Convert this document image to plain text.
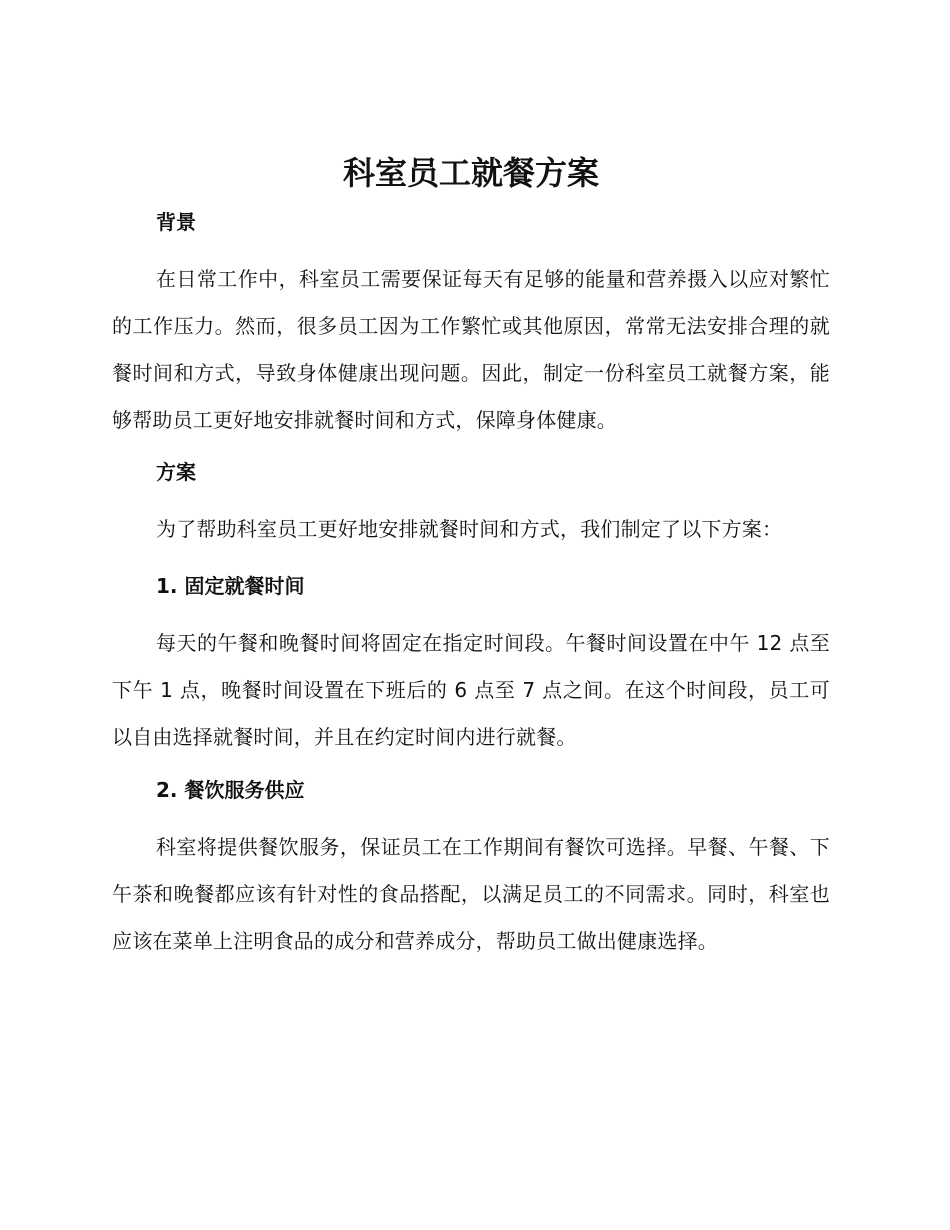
科室员工就餐方案
背景

在日常工作中，科室员工需要保证每天有足够的能量和营养摄入以应对繁忙的工作压力。然而，很多员工因为工作繁忙或其他原因，常常无法安排合理的就餐时间和方式，导致身体健康出现问题。因此，制定一份科室员工就餐方案，能够帮助员工更好地安排就餐时间和方式，保障身体健康。

方案

为了帮助科室员工更好地安排就餐时间和方式，我们制定了以下方案：

1. 固定就餐时间

每天的午餐和晚餐时间将固定在指定时间段。午餐时间设置在中午 12 点至下午 1 点，晚餐时间设置在下班后的 6 点至 7 点之间。在这个时间段，员工可以自由选择就餐时间，并且在约定时间内进行就餐。

2. 餐饮服务供应

科室将提供餐饮服务，保证员工在工作期间有餐饮可选择。早餐、午餐、下午茶和晚餐都应该有针对性的食品搭配，以满足员工的不同需求。同时，科室也应该在菜单上注明食品的成分和营养成分，帮助员工做出健康选择。
